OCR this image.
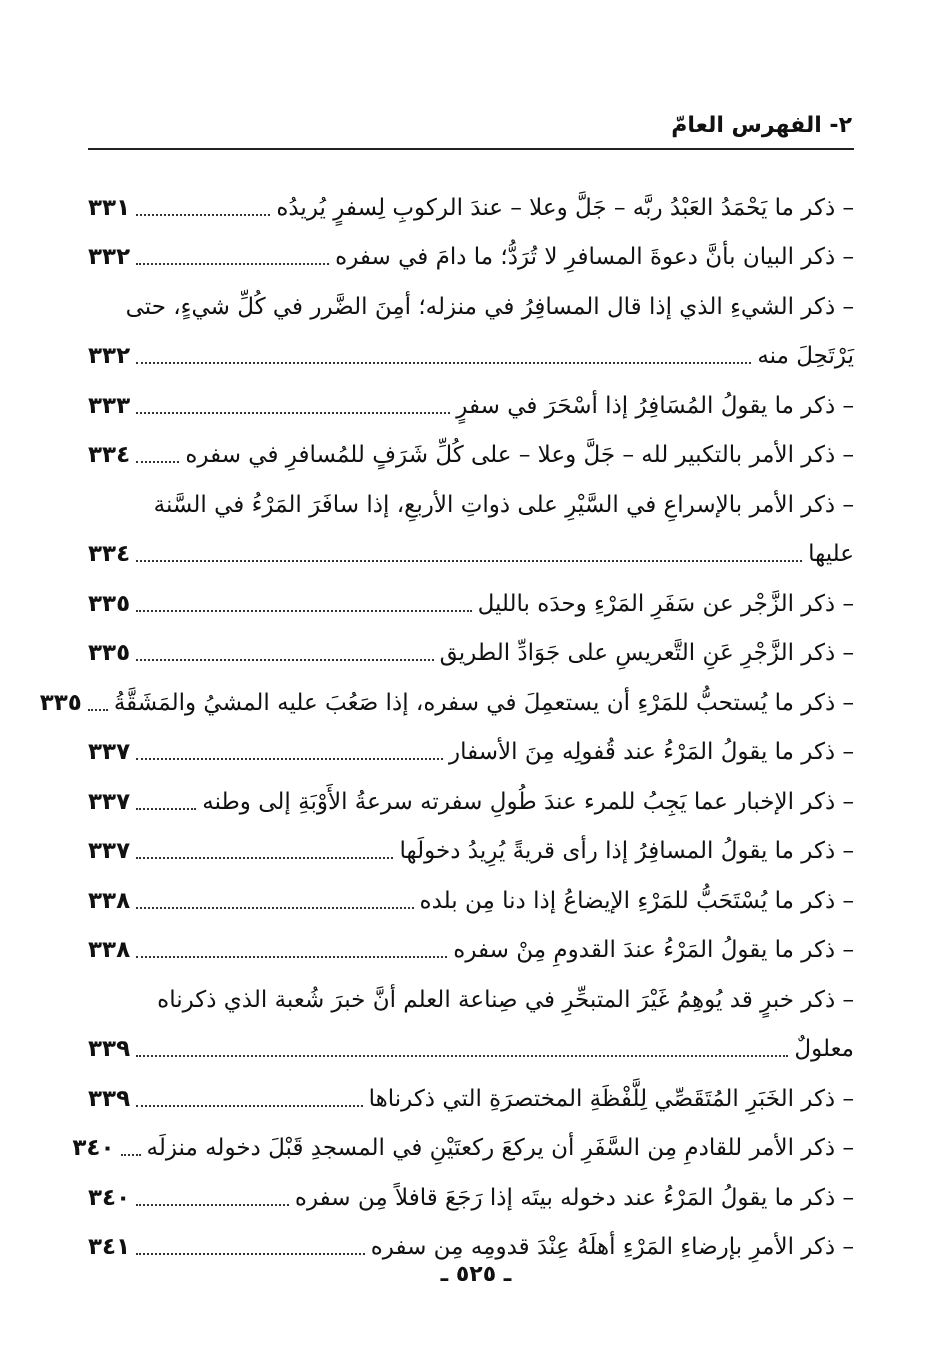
٢- الفهرس العامّ
– ذكر ما يَحْمَدُ العَبْدُ ربَّه – جَلَّ وعلا – عندَ الركوبِ لِسفرٍ يُريدُه
٣٣١
– ذكر البيان بأنَّ دعوةَ المسافرِ لا تُرَدُّ؛ ما دامَ في سفره
٣٣٢
– ذكر الشيءِ الذي إذا قال المسافِرُ في منزله؛ أمِنَ الضَّرر في كُلِّ شيءٍ، حتى
يَرْتَحِلَ منه
٣٣٢
– ذكر ما يقولُ المُسَافِرُ إذا أسْحَرَ في سفرٍ
٣٣٣
– ذكر الأمر بالتكبير لله – جَلَّ وعلا – على كُلِّ شَرَفٍ للمُسافرِ في سفره
٣٣٤
– ذكر الأمر بالإسراعِ في السَّيْرِ على ذواتِ الأربعِ، إذا سافَرَ المَرْءُ في السَّنة
عليها
٣٣٤
– ذكر الزَّجْر عن سَفَرِ المَرْءِ وحدَه بالليل
٣٣٥
– ذكر الزَّجْرِ عَنِ التَّعريسِ على جَوَادِّ الطريق
٣٣٥
– ذكر ما يُستحبُّ للمَرْءِ أن يستعمِلَ في سفره، إذا صَعُبَ عليه المشيُ والمَشَقَّةُ
٣٣٥
– ذكر ما يقولُ المَرْءُ عند قُفولِه مِنَ الأسفار
٣٣٧
– ذكر الإخبار عما يَجِبُ للمرء عندَ طُولِ سفرته سرعةُ الأَوْبَةِ إلى وطنه
٣٣٧
– ذكر ما يقولُ المسافِرُ إذا رأى قريةً يُرِيدُ دخولَها
٣٣٧
– ذكر ما يُسْتَحَبُّ للمَرْءِ الإيضاعُ إذا دنا مِن بلده
٣٣٨
– ذكر ما يقولُ المَرْءُ عندَ القدومِ مِنْ سفره
٣٣٨
– ذكر خبرٍ قد يُوهِمُ غَيْرَ المتبحِّرِ في صِناعة العلم أنَّ خبرَ شُعبة الذي ذكرناه
معلولٌ
٣٣٩
– ذكر الخَبَرِ المُتَقَصِّي لِلَّفْظَةِ المختصرَةِ التي ذكرناها
٣٣٩
– ذكر الأمر للقادمِ مِن السَّفَرِ أن يركعَ ركعتَيْنِ في المسجدِ قَبْلَ دخوله منزلَه
٣٤٠
– ذكر ما يقولُ المَرْءُ عند دخوله بيتَه إذا رَجَعَ قافلاً مِن سفره
٣٤٠
– ذكر الأمرِ بإرضاءِ المَرْءِ أهلَهُ عِنْدَ قدومِه مِن سفره
٣٤١
ـ ٥٢٥ ـ
